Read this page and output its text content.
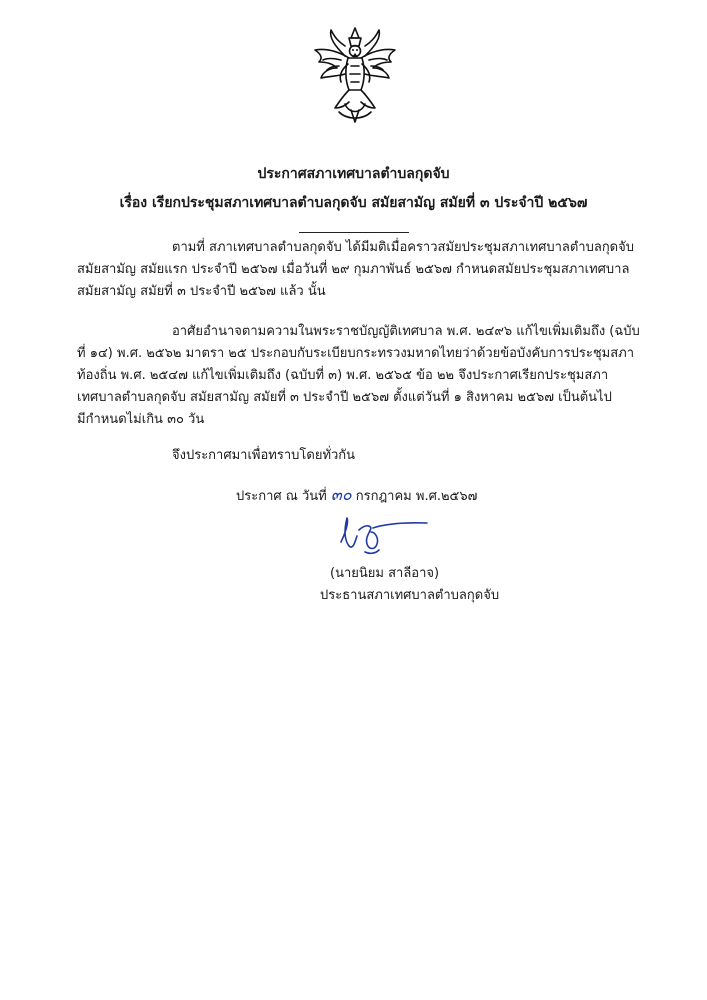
ประกาศสภาเทศบาลตำบลกุดจับ
เรื่อง เรียกประชุมสภาเทศบาลตำบลกุดจับ สมัยสามัญ สมัยที่ ๓ ประจำปี ๒๕๖๗
ตามที่ สภาเทศบาลตำบลกุดจับ ได้มีมติเมื่อคราวสมัยประชุมสภาเทศบาลตำบลกุดจับ
สมัยสามัญ สมัยแรก ประจำปี ๒๕๖๗ เมื่อวันที่ ๒๙ กุมภาพันธ์ ๒๕๖๗ กำหนดสมัยประชุมสภาเทศบาล
สมัยสามัญ สมัยที่ ๓ ประจำปี ๒๕๖๗ แล้ว นั้น
อาศัยอำนาจตามความในพระราชบัญญัติเทศบาล พ.ศ. ๒๔๙๖ แก้ไขเพิ่มเติมถึง (ฉบับ
ที่ ๑๔) พ.ศ. ๒๕๖๒ มาตรา ๒๕ ประกอบกับระเบียบกระทรวงมหาดไทยว่าด้วยข้อบังคับการประชุมสภา
ท้องถิ่น พ.ศ. ๒๕๔๗ แก้ไขเพิ่มเติมถึง (ฉบับที่ ๓) พ.ศ. ๒๕๖๕ ข้อ ๒๒ จึงประกาศเรียกประชุมสภา
เทศบาลตำบลกุดจับ สมัยสามัญ สมัยที่ ๓ ประจำปี ๒๕๖๗ ตั้งแต่วันที่ ๑ สิงหาคม ๒๕๖๗ เป็นต้นไป
มีกำหนดไม่เกิน ๓๐ วัน
จึงประกาศมาเพื่อทราบโดยทั่วกัน
ประกาศ ณ วันที่ ๓๐ กรกฎาคม พ.ศ.๒๕๖๗
(นายนิยม สาลีอาจ)
ประธานสภาเทศบาลตำบลกุดจับ
